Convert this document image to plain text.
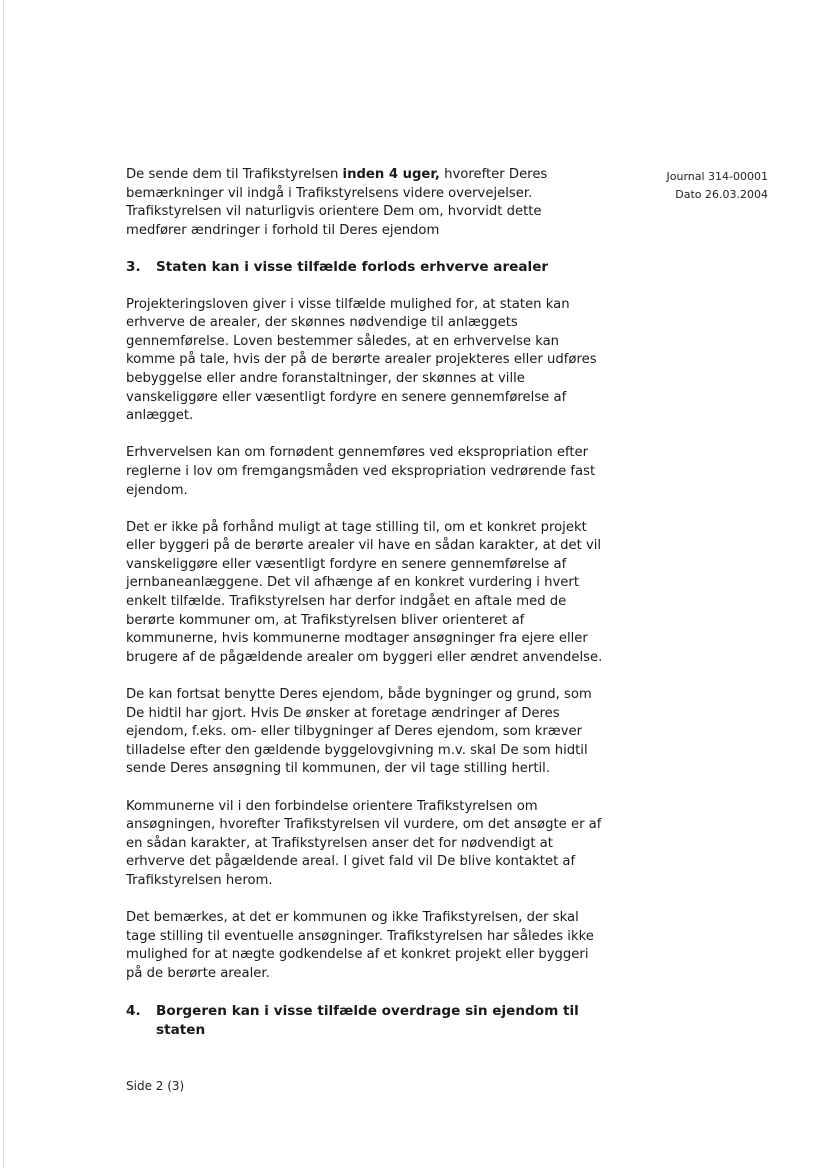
Journal 314-00001
Dato 26.03.2004

De sende dem til Trafikstyrelsen inden 4 uger, hvorefter Deres bemærkninger vil indgå i Trafikstyrelsens videre overvejelser. Trafikstyrelsen vil naturligvis orientere Dem om, hvorvidt dette medfører ændringer i forhold til Deres ejendom

3.	Staten kan i visse tilfælde forlods erhverve arealer

Projekteringsloven giver i visse tilfælde mulighed for, at staten kan erhverve de arealer, der skønnes nødvendige til anlæggets gennemførelse. Loven bestemmer således, at en erhvervelse kan komme på tale, hvis der på de berørte arealer projekteres eller udføres bebyggelse eller andre foranstaltninger, der skønnes at ville vanskeliggøre eller væsentligt fordyre en senere gennemførelse af anlægget.

Erhvervelsen kan om fornødent gennemføres ved ekspropriation efter reglerne i lov om fremgangsmåden ved ekspropriation vedrørende fast ejendom.

Det er ikke på forhånd muligt at tage stilling til, om et konkret projekt eller byggeri på de berørte arealer vil have en sådan karakter, at det vil vanskeliggøre eller væsentligt fordyre en senere gennemførelse af jernbaneanlæggene. Det vil afhænge af en konkret vurdering i hvert enkelt tilfælde. Trafikstyrelsen har derfor indgået en aftale med de berørte kommuner om, at Trafikstyrelsen bliver orienteret af kommunerne, hvis kommunerne modtager ansøgninger fra ejere eller brugere af de pågældende arealer om byggeri eller ændret anvendelse.

De kan fortsat benytte Deres ejendom, både bygninger og grund, som De hidtil har gjort. Hvis De ønsker at foretage ændringer af Deres ejendom, f.eks. om- eller tilbygninger af Deres ejendom, som kræver tilladelse efter den gældende byggelovgivning m.v. skal De som hidtil sende Deres ansøgning til kommunen, der vil tage stilling hertil.

Kommunerne vil i den forbindelse orientere Trafikstyrelsen om ansøgningen, hvorefter Trafikstyrelsen vil vurdere, om det ansøgte er af en sådan karakter, at Trafikstyrelsen anser det for nødvendigt at erhverve det pågældende areal. I givet fald vil De blive kontaktet af Trafikstyrelsen herom.

Det bemærkes, at det er kommunen og ikke Trafikstyrelsen, der skal tage stilling til eventuelle ansøgninger. Trafikstyrelsen har således ikke mulighed for at nægte godkendelse af et konkret projekt eller byggeri på de berørte arealer.

4.	Borgeren kan i visse tilfælde overdrage sin ejendom til staten
Side 2 (3)
